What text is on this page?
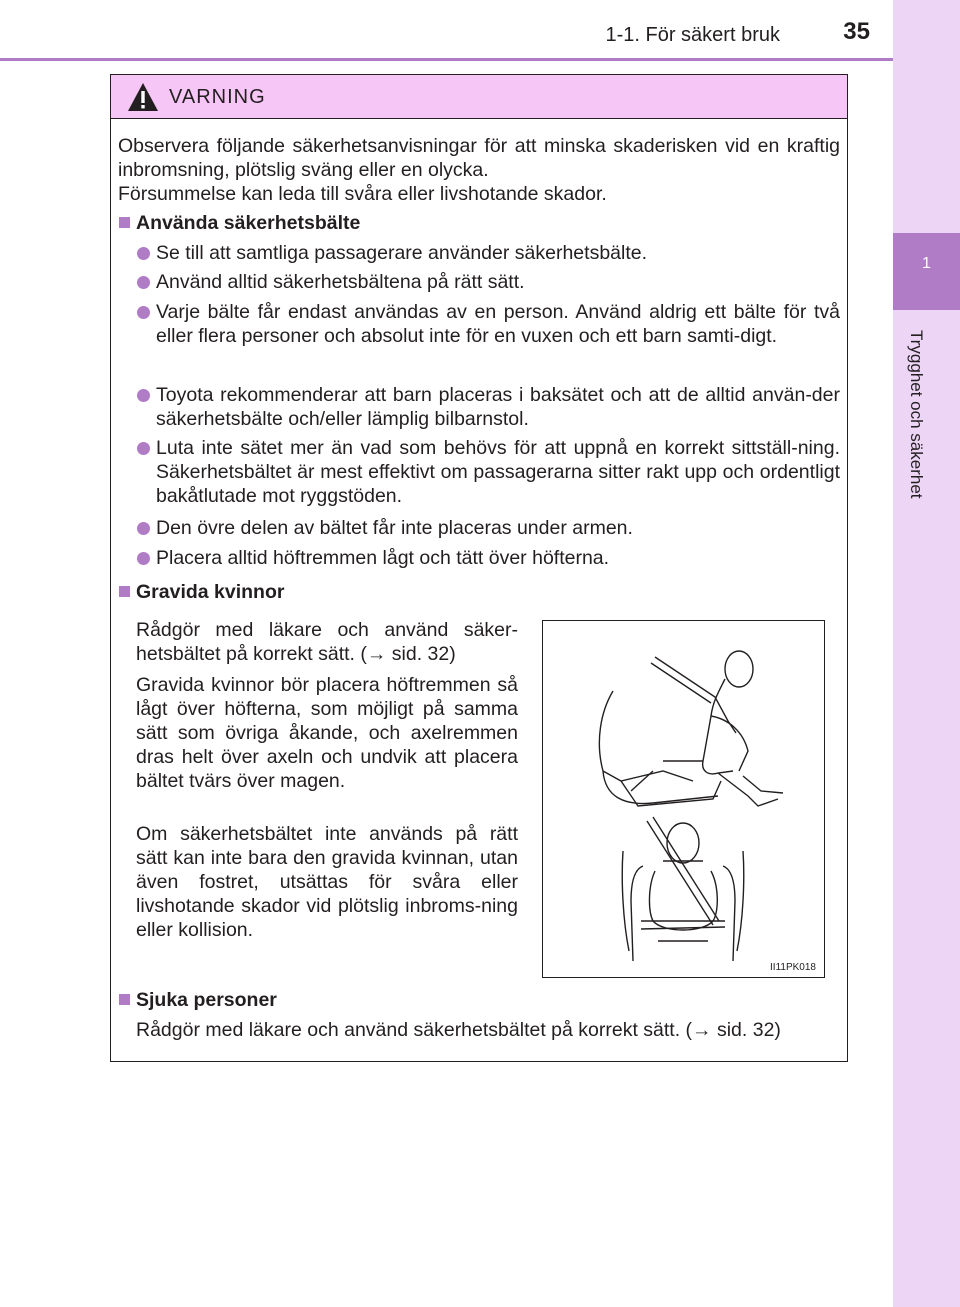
1-1. För säkert bruk	35
1
Trygghet och säkerhet
VARNING
Observera följande säkerhetsanvisningar för att minska skaderisken vid en kraftig inbromsning, plötslig sväng eller en olycka.
Försummelse kan leda till svåra eller livshotande skador.
Använda säkerhetsbälte
Se till att samtliga passagerare använder säkerhetsbälte.
Använd alltid säkerhetsbältena på rätt sätt.
Varje bälte får endast användas av en person. Använd aldrig ett bälte för två eller flera personer och absolut inte för en vuxen och ett barn samti-digt.
Toyota rekommenderar att barn placeras i baksätet och att de alltid använ-der säkerhetsbälte och/eller lämplig bilbarnstol.
Luta inte sätet mer än vad som behövs för att uppnå en korrekt sittställ-ning. Säkerhetsbältet är mest effektivt om passagerarna sitter rakt upp och ordentligt bakåtlutade mot ryggstöden.
Den övre delen av bältet får inte placeras under armen.
Placera alltid höftremmen lågt och tätt över höfterna.
Gravida kvinnor
Rådgör med läkare och använd säker-hetsbältet på korrekt sätt. (→ sid. 32)
Gravida kvinnor bör placera höftremmen så lågt över höfterna, som möjligt på samma sätt som övriga åkande, och axelremmen dras helt över axeln och undvik att placera bältet tvärs över magen.
Om säkerhetsbältet inte används på rätt sätt kan inte bara den gravida kvinnan, utan även fostret, utsättas för svåra eller livshotande skador vid plötslig inbroms-ning eller kollision.
II11PK018
Sjuka personer
Rådgör med läkare och använd säkerhetsbältet på korrekt sätt. (→ sid. 32)
